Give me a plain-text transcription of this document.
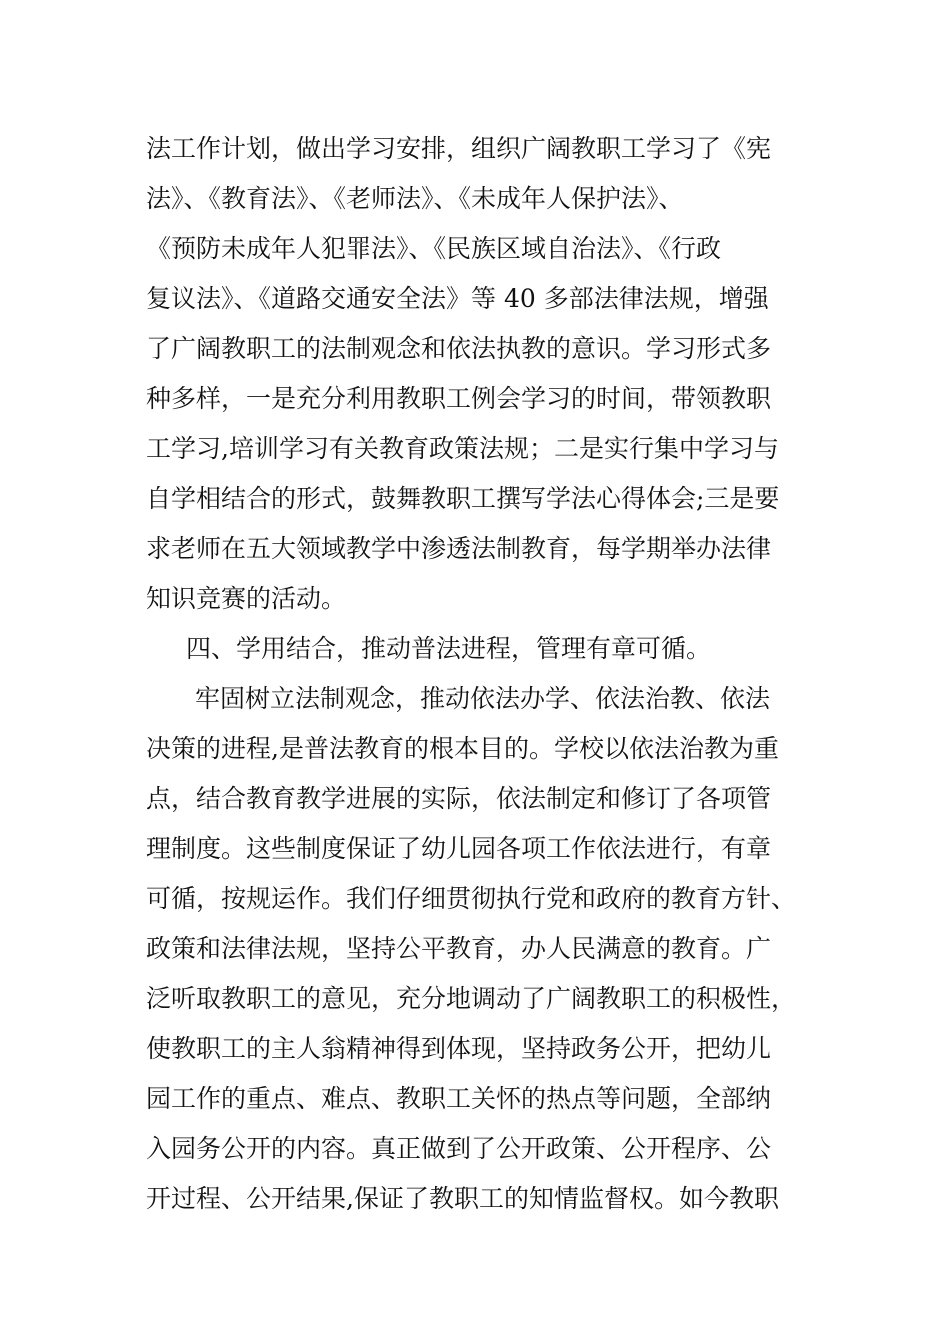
法工作计划，做出学习安排，组织广阔教职工学习了《宪
法》、《教育法》、《老师法》、《未成年人保护法》、
《预防未成年人犯罪法》、《民族区域自治法》、《行政
复议法》、《道路交通安全法》等 40 多部法律法规，增强
了广阔教职工的法制观念和依法执教的意识。学习形式多
种多样，一是充分利用教职工例会学习的时间，带领教职
工学习,培训学习有关教育政策法规；二是实行集中学习与
自学相结合的形式，鼓舞教职工撰写学法心得体会;三是要
求老师在五大领域教学中渗透法制教育，每学期举办法律
知识竞赛的活动。
四、学用结合，推动普法进程，管理有章可循。
牢固树立法制观念，推动依法办学、依法治教、依法
决策的进程,是普法教育的根本目的。学校以依法治教为重
点，结合教育教学进展的实际，依法制定和修订了各项管
理制度。这些制度保证了幼儿园各项工作依法进行，有章
可循，按规运作。我们仔细贯彻执行党和政府的教育方针、
政策和法律法规，坚持公平教育，办人民满意的教育。广
泛听取教职工的意见，充分地调动了广阔教职工的积极性，
使教职工的主人翁精神得到体现，坚持政务公开，把幼儿
园工作的重点、难点、教职工关怀的热点等问题，全部纳
入园务公开的内容。真正做到了公开政策、公开程序、公
开过程、公开结果,保证了教职工的知情监督权。如今教职
